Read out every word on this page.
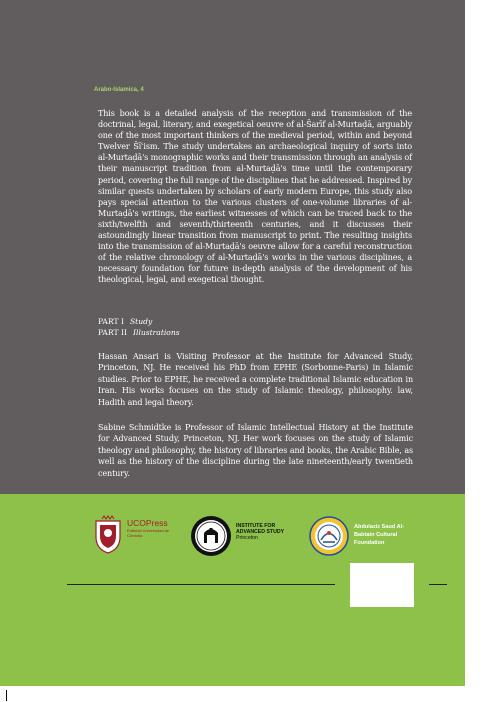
Arabo-Islamica, 4

This book is a detailed analysis of the reception and transmission of the doctrinal, legal, literary, and exegetical oeuvre of al-Šarīf al-Murtaḍā, arguably one of the most important thinkers of the medieval period, within and beyond Twelver Šīʿism. The study undertakes an archaeological inquiry of sorts into al-Murtaḍā's monographic works and their transmission through an analysis of their manuscript tradition from al-Murtaḍā's time until the contemporary period, covering the full range of the disciplines that he addressed. Inspired by similar quests undertaken by scholars of early modern Europe, this study also pays special attention to the various clusters of one-volume libraries of al-Murtaḍā's writings, the earliest witnesses of which can be traced back to the sixth/twelfth and seventh/thirteenth centuries, and it discusses their astoundingly linear transition from manuscript to print. The resulting insights into the transmission of al-Murtaḍā's oeuvre allow for a careful reconstruction of the relative chronology of al-Murtaḍā's works in the various disciplines, a necessary foundation for future in-depth analysis of the development of his theological, legal, and exegetical thought.

PART I Study
PART II Illustrations

Hassan Ansari is Visiting Professor at the Institute for Advanced Study, Princeton, NJ. He received his PhD from EPHE (Sorbonne-Paris) in Islamic studies. Prior to EPHE, he received a complete traditional Islamic education in Iran. His works focuses on the study of Islamic theology, philosophy. law, Hadith and legal theory.

Sabine Schmidtke is Professor of Islamic Intellectual History at the Institute for Advanced Study, Princeton, NJ. Her work focuses on the study of Islamic theology and philosophy, the history of libraries and books, the Arabic Bible, as well as the history of the discipline during the late nineteenth/early twentieth century.

UCOPress
Editorial Universidad de Córdoba
INSTITUTE FOR ADVANCED STUDY
Princeton
Abdulaziz Saud Al-Babtain Cultural Foundation
